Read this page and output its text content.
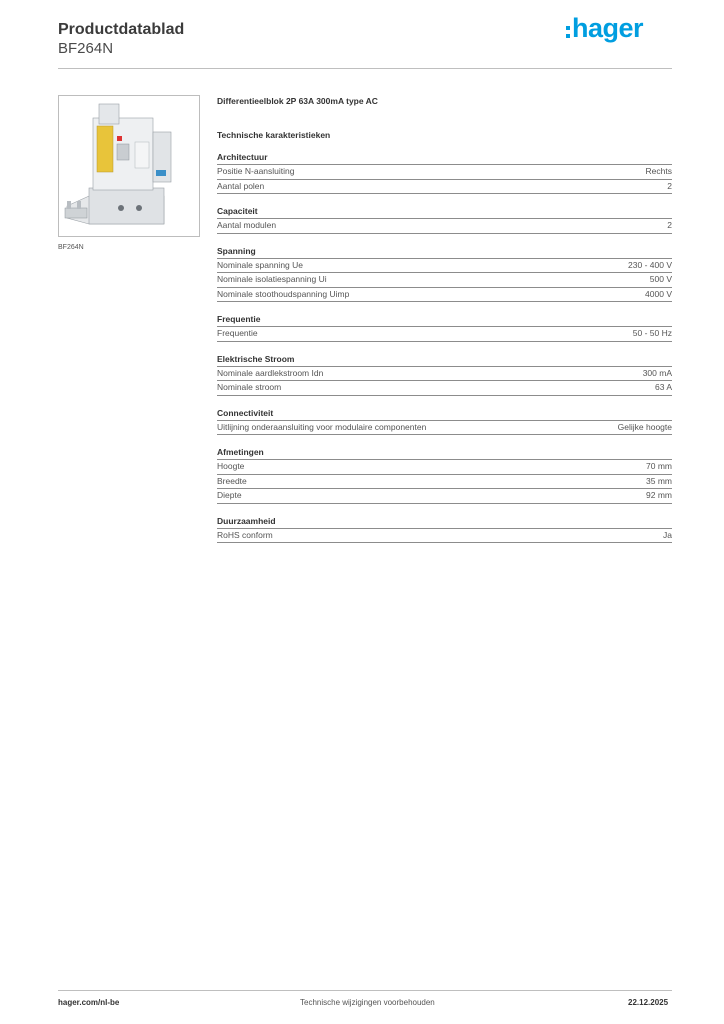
Productdatablad
BF264N
hager
BF264N
Differentieelblok 2P 63A 300mA type AC
Technische karakteristieken
Architectuur
Positie N-aansluiting	Rechts
Aantal polen	2
Capaciteit
Aantal modulen	2
Spanning
Nominale spanning Ue	230 - 400 V
Nominale isolatiespanning Ui	500 V
Nominale stoothoudspanning Uimp	4000 V
Frequentie
Frequentie	50 - 50 Hz
Elektrische Stroom
Nominale aardlekstroom Idn	300 mA
Nominale stroom	63 A
Connectiviteit
Uitlijning onderaansluiting voor modulaire componenten	Gelijke hoogte
Afmetingen
Hoogte	70 mm
Breedte	35 mm
Diepte	92 mm
Duurzaamheid
RoHS conform	Ja
hager.com/nl-be	Technische wijzigingen voorbehouden	22.12.2025
